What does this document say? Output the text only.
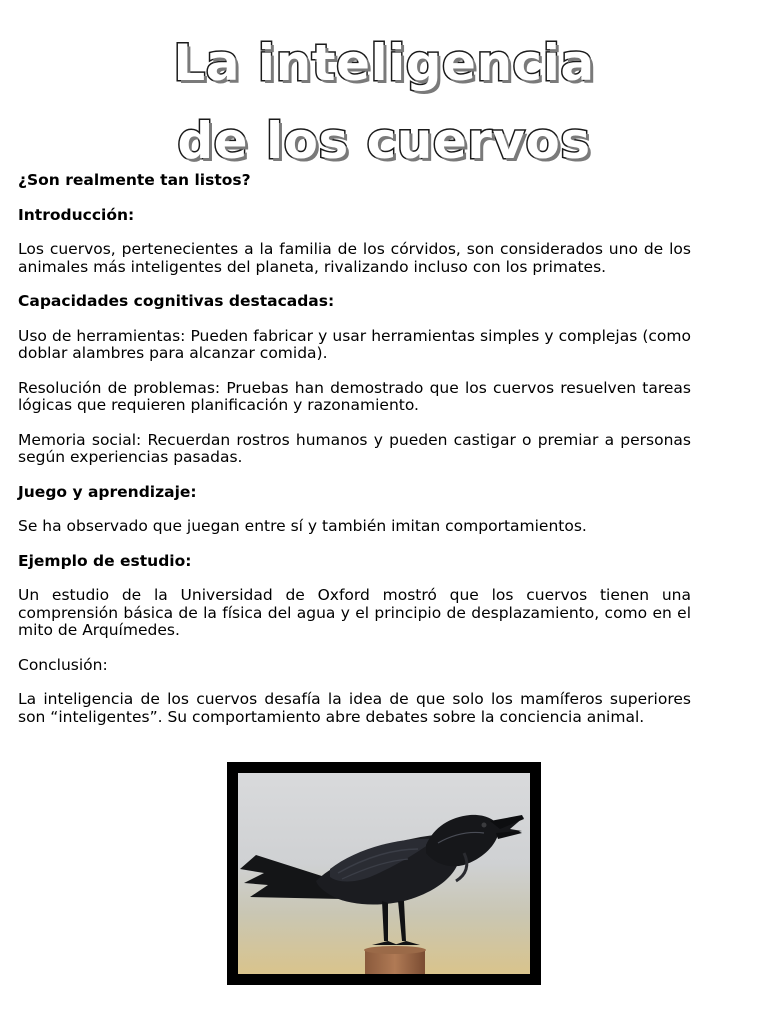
La inteligencia
de los cuervos

¿Son realmente tan listos?

Introducción:

Los cuervos, pertenecientes a la familia de los córvidos, son considerados uno de los animales más inteligentes del planeta, rivalizando incluso con los primates.

Capacidades cognitivas destacadas:

Uso de herramientas: Pueden fabricar y usar herramientas simples y complejas (como doblar alambres para alcanzar comida).

Resolución de problemas: Pruebas han demostrado que los cuervos resuelven tareas lógicas que requieren planificación y razonamiento.

Memoria social: Recuerdan rostros humanos y pueden castigar o premiar a personas según experiencias pasadas.

Juego y aprendizaje:

Se ha observado que juegan entre sí y también imitan comportamientos.

Ejemplo de estudio:

Un estudio de la Universidad de Oxford mostró que los cuervos tienen una comprensión básica de la física del agua y el principio de desplazamiento, como en el mito de Arquímedes.

Conclusión:

La inteligencia de los cuervos desafía la idea de que solo los mamíferos superiores son “inteligentes”. Su comportamiento abre debates sobre la conciencia animal.
